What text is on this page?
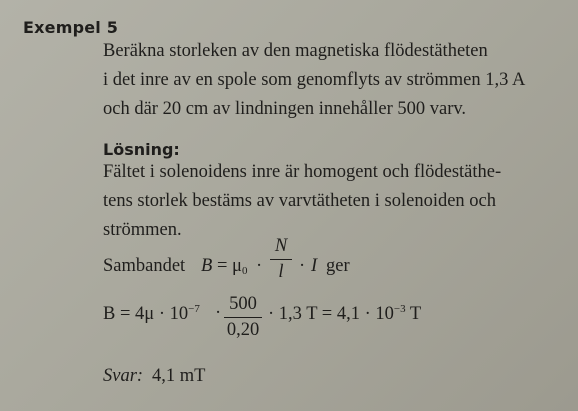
Exempel 5
Beräkna storleken av den magnetiska flödestätheten
i det inre av en spole som genomflyts av strömmen 1,3 A
och där 20 cm av lindningen innehåller 500 varv.
Lösning:
Fältet i solenoidens inre är homogent och flödestäthe-
tens storlek bestäms av varvtätheten i solenoiden och
strömmen.
Sambandet $B = \mu_0$ ·
N
l · I ger
$B = 4\mu \cdot 10^{-7} \cdot 500$
0,20
· 1,3 $T = 4,1 \cdot 10^{-3}$ T
Svar: 4,1 mT
